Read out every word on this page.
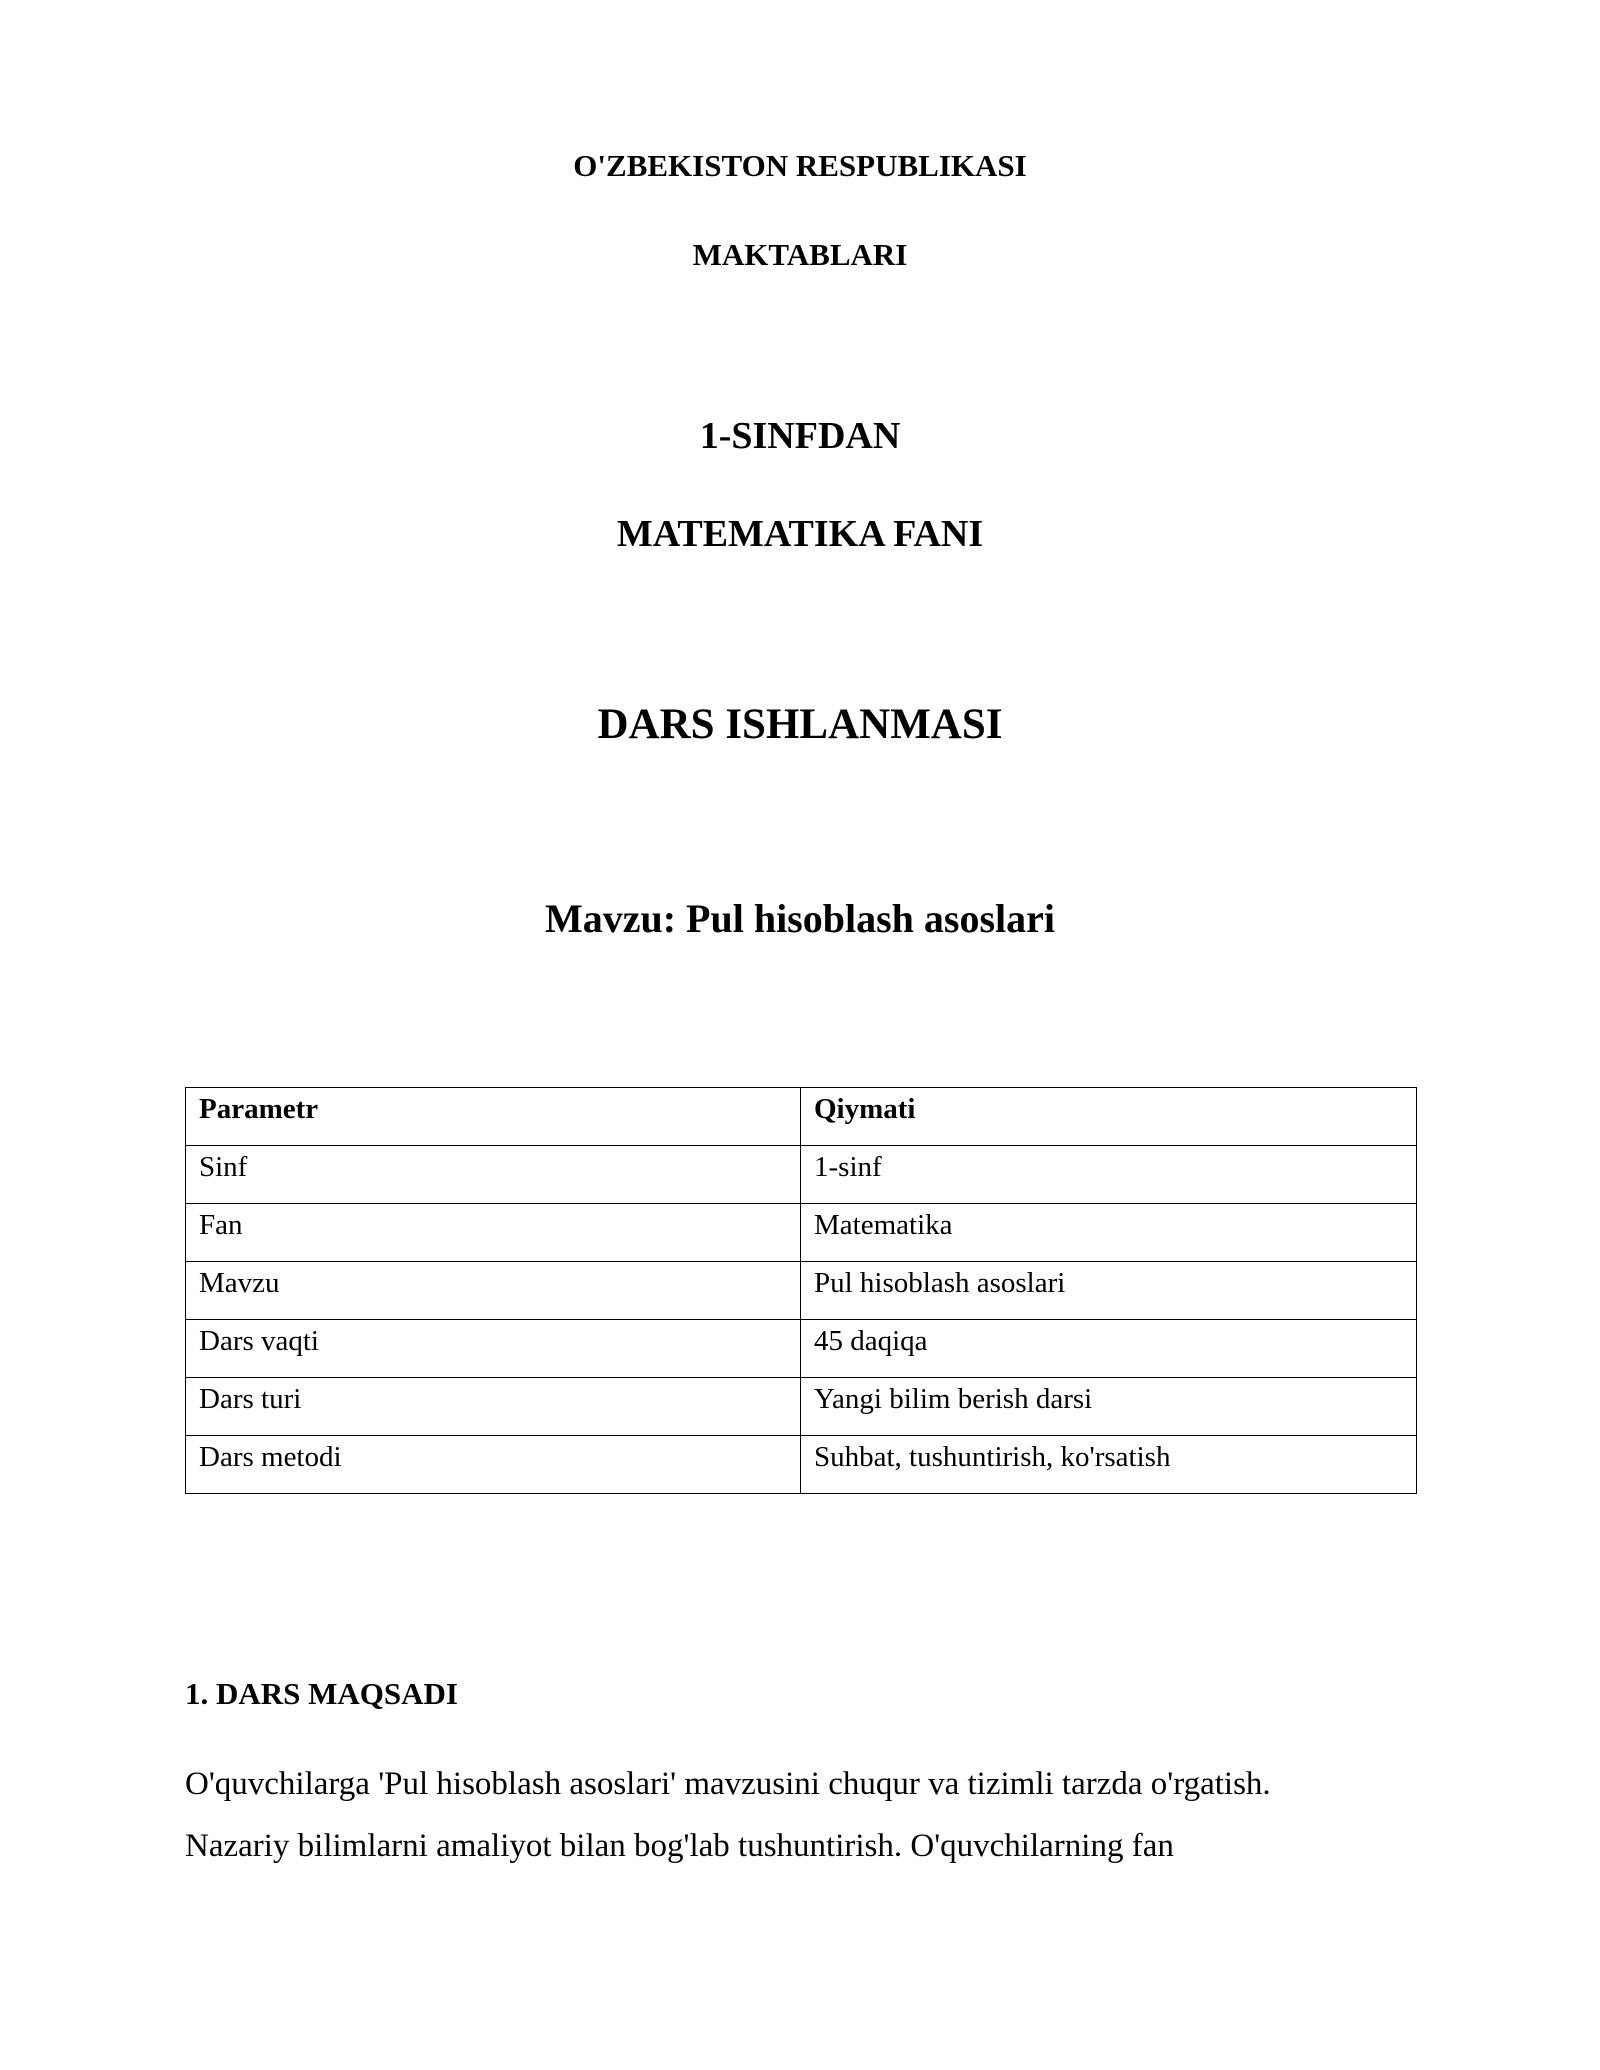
O'ZBEKISTON RESPUBLIKASI
MAKTABLARI
1-SINFDAN
MATEMATIKA FANI
DARS ISHLANMASI
Mavzu: Pul hisoblash asoslari
Parametr	Qiymati
Sinf	1-sinf
Fan	Matematika
Mavzu	Pul hisoblash asoslari
Dars vaqti	45 daqiqa
Dars turi	Yangi bilim berish darsi
Dars metodi	Suhbat, tushuntirish, ko'rsatish
1. DARS MAQSADI
O'quvchilarga 'Pul hisoblash asoslari' mavzusini chuqur va tizimli tarzda o'rgatish.
Nazariy bilimlarni amaliyot bilan bog'lab tushuntirish. O'quvchilarning fan
